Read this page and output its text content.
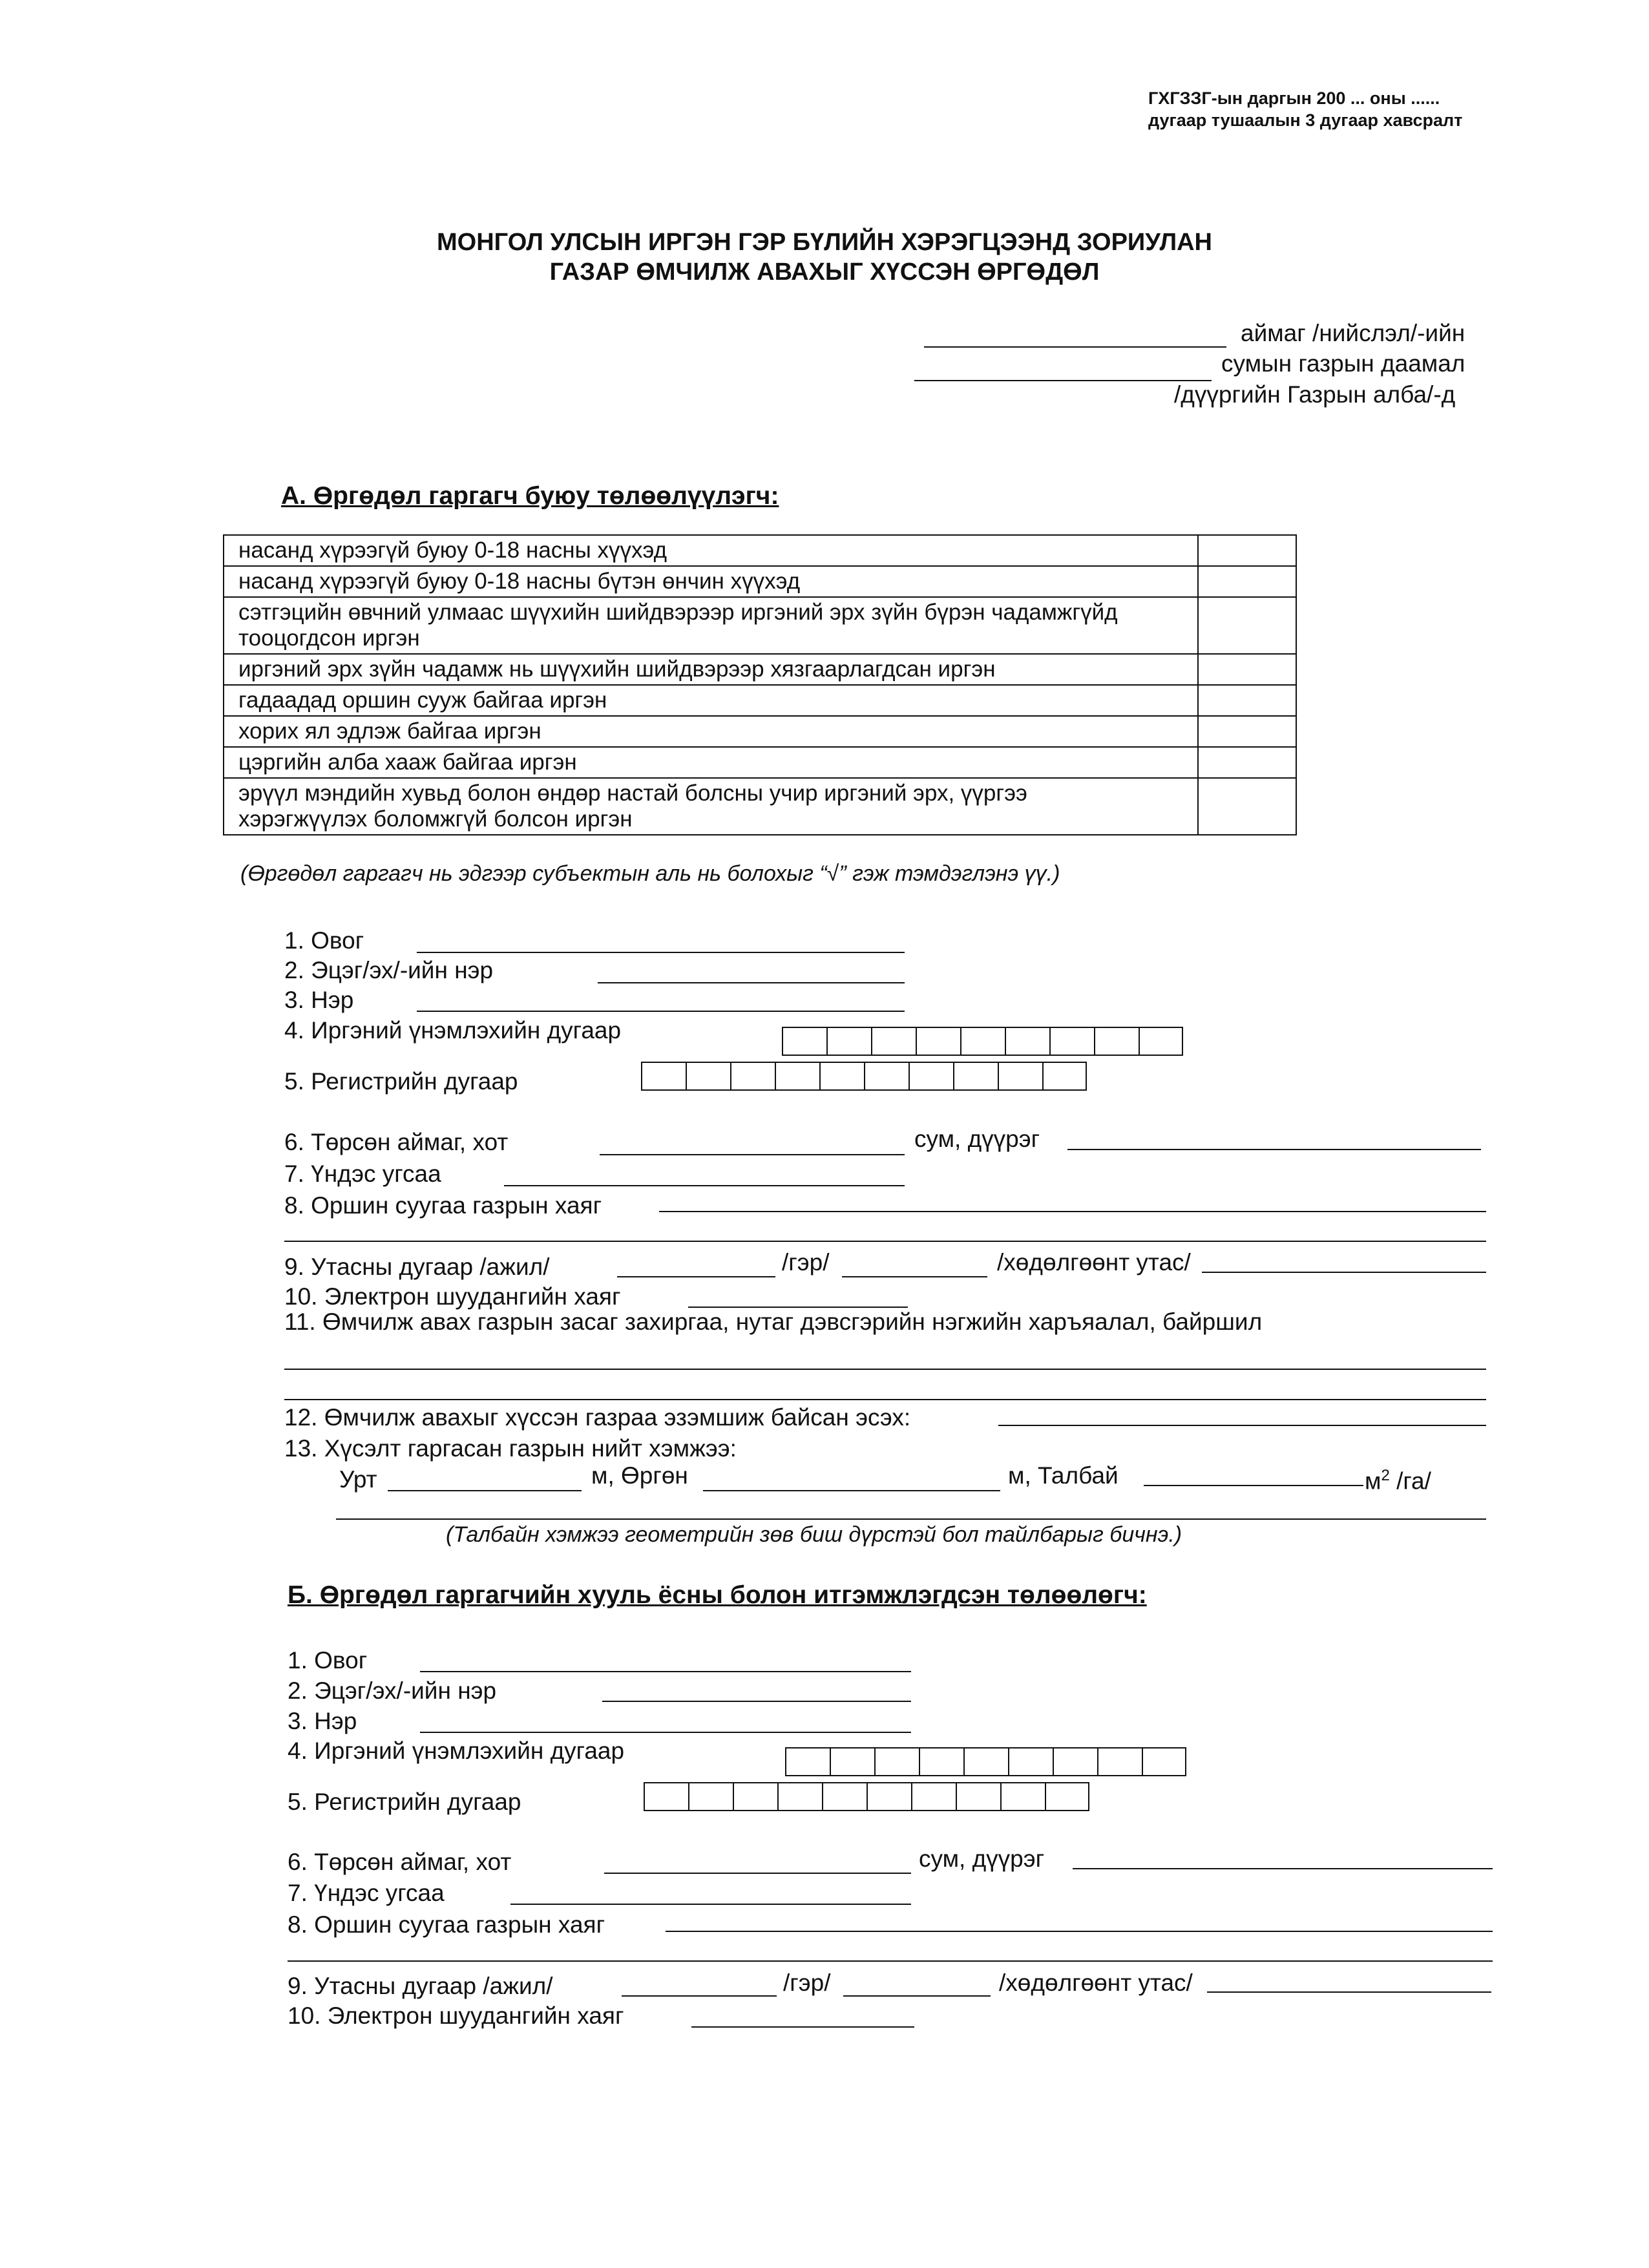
ГХГЗЗГ-ын даргын 200 ... оны ......
дугаар тушаалын 3 дугаар хавсралт
МОНГОЛ УЛСЫН ИРГЭН ГЭР БҮЛИЙН ХЭРЭГЦЭЭНД ЗОРИУЛАН
ГАЗАР ӨМЧИЛЖ АВАХЫГ ХҮССЭН ӨРГӨДӨЛ
аймаг /нийслэл/-ийн
сумын газрын даамал
/дүүргийн Газрын алба/-д
А. Өргөдөл гаргагч буюу төлөөлүүлэгч:
насанд хүрээгүй буюу 0-18 насны хүүхэд	
насанд хүрээгүй буюу 0-18 насны бүтэн өнчин хүүхэд	
сэтгэцийн өвчний улмаас шүүхийн шийдвэрээр иргэний эрх зүйн бүрэн чадамжгүйд тооцогдсон иргэн	
иргэний эрх зүйн чадамж нь шүүхийн шийдвэрээр хязгаарлагдсан иргэн	
гадаадад оршин сууж байгаа иргэн	
хорих ял эдлэж байгаа иргэн	
цэргийн алба хааж байгаа иргэн	
эрүүл мэндийн хувьд болон өндөр настай болсны учир иргэний эрх, үүргээ хэрэгжүүлэх боломжгүй болсон иргэн	
(Өргөдөл гаргагч нь эдгээр субъектын аль нь болохыг “√” гэж тэмдэглэнэ үү.)
1. Овог
2. Эцэг/эх/-ийн нэр
3. Нэр
4. Иргэний үнэмлэхийн дугаар
5. Регистрийн дугаар
6. Төрсөн аймаг, хот	сум, дүүрэг
7. Үндэс угсаа
8. Оршин суугаа газрын хаяг
9. Утасны дугаар /ажил/	/гэр/	/хөдөлгөөнт утас/
10. Электрон шуудангийн хаяг
11. Өмчилж авах газрын засаг захиргаа, нутаг дэвсгэрийн нэгжийн харъяалал, байршил
12. Өмчилж авахыг хүссэн газраа эзэмшиж байсан эсэх:
13. Хүсэлт гаргасан газрын нийт хэмжээ:
Урт	м, Өргөн	м, Талбай	$м^2$ /га/
(Талбайн хэмжээ геометрийн зөв биш дүрстэй бол тайлбарыг бичнэ.)
Б. Өргөдөл гаргагчийн хууль ёсны болон итгэмжлэгдсэн төлөөлөгч:
1. Овог
2. Эцэг/эх/-ийн нэр
3. Нэр
4. Иргэний үнэмлэхийн дугаар
5. Регистрийн дугаар
6. Төрсөн аймаг, хот	сум, дүүрэг
7. Үндэс угсаа
8. Оршин суугаа газрын хаяг
9. Утасны дугаар /ажил/	/гэр/	/хөдөлгөөнт утас/
10. Электрон шуудангийн хаяг
